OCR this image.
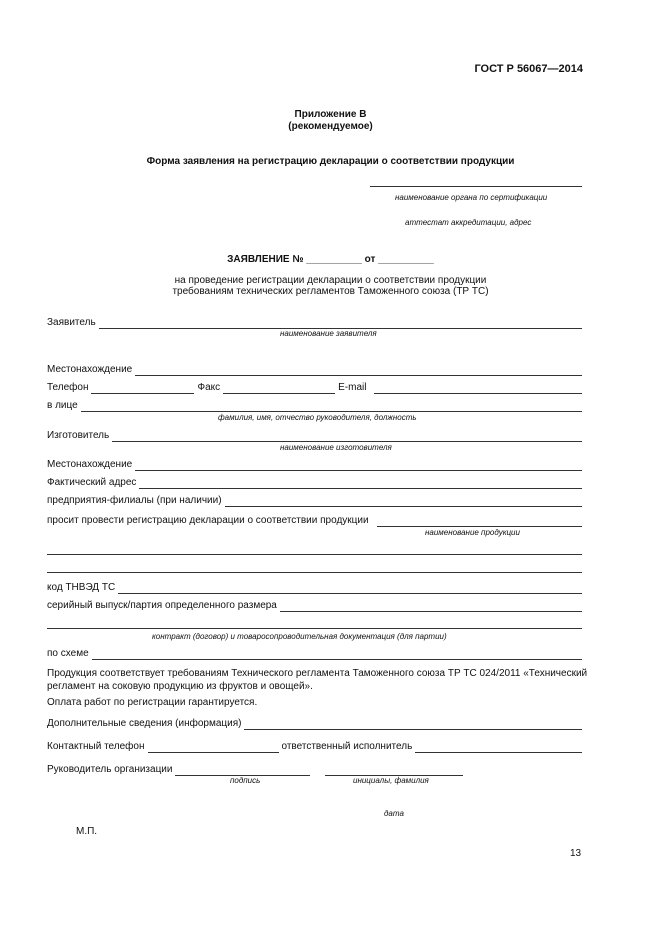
ГОСТ Р 56067—2014
Приложение В
(рекомендуемое)
Форма заявления на регистрацию декларации о соответствии продукции
наименование органа по сертификации
аттестат аккредитации, адрес
ЗАЯВЛЕНИЕ № __________ от __________
на проведение регистрации декларации о соответствии продукции
требованиям технических регламентов Таможенного союза (ТР ТС)
Заявитель
наименование заявителя
Местонахождение
Телефон	Факс	E-mail
в лице
фамилия, имя, отчество руководителя, должность
Изготовитель
наименование изготовителя
Местонахождение
Фактический адрес
предприятия-филиалы (при наличии)
просит провести регистрацию декларации о соответствии продукции
наименование продукции
код ТНВЭД ТС
серийный выпуск/партия определенного размера
контракт (договор) и товаросопроводительная документация (для партии)
по схеме
Продукция соответствует требованиям Технического регламента Таможенного союза ТР ТС 024/2011 «Технический
регламент на соковую продукцию из фруктов и овощей».
Оплата работ по регистрации гарантируется.
Дополнительные сведения (информация)
Контактный телефон	ответственный исполнитель
Руководитель организации
подпись	инициалы, фамилия
дата
М.П.
13
